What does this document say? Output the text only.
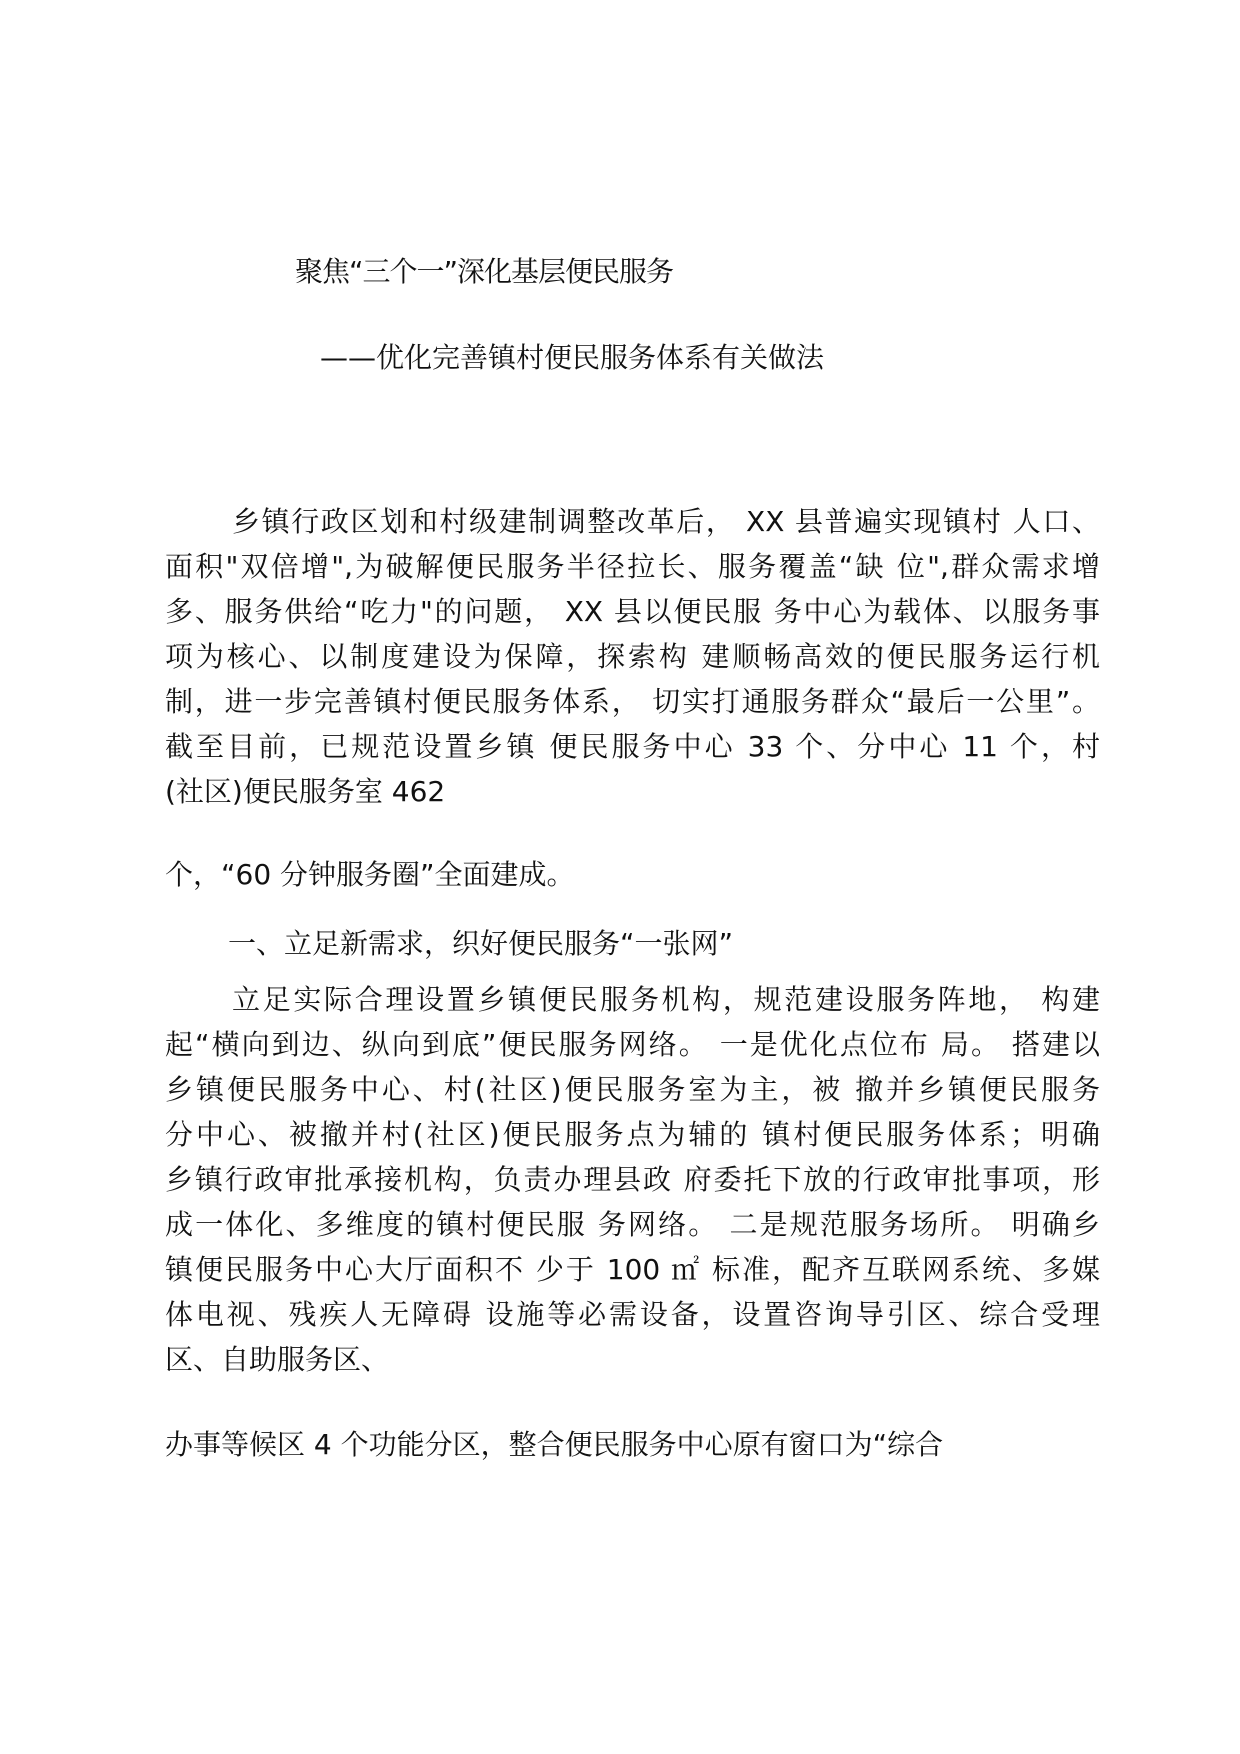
聚焦“三个一”深化基层便民服务
——优化完善镇村便民服务体系有关做法
乡镇行政区划和村级建制调整改革后， XX 县普遍实现镇村 人口、
面积"双倍增",为破解便民服务半径拉长、服务覆盖“缺 位",群众需求增
多、服务供给“吃力"的问题， XX 县以便民服 务中心为载体、以服务事
项为核心、以制度建设为保障，探索构 建顺畅高效的便民服务运行机
制，进一步完善镇村便民服务体系， 切实打通服务群众“最后一公里”。
截至目前，已规范设置乡镇 便民服务中心 33 个、分中心 11 个，村
(社区)便民服务室 462
个，“60 分钟服务圈”全面建成。
一、立足新需求，织好便民服务“一张网”
立足实际合理设置乡镇便民服务机构，规范建设服务阵地， 构建
起“横向到边、纵向到底”便民服务网络。 一是优化点位布 局。 搭建以
乡镇便民服务中心、村(社区)便民服务室为主，被 撤并乡镇便民服务
分中心、被撤并村(社区)便民服务点为辅的 镇村便民服务体系；明确
乡镇行政审批承接机构，负责办理县政 府委托下放的行政审批事项，形
成一体化、多维度的镇村便民服 务网络。 二是规范服务场所。 明确乡
镇便民服务中心大厅面积不 少于 100 ㎡ 标准，配齐互联网系统、多媒
体电视、残疾人无障碍 设施等必需设备，设置咨询导引区、综合受理
区、自助服务区、
办事等候区 4 个功能分区，整合便民服务中心原有窗口为“综合
